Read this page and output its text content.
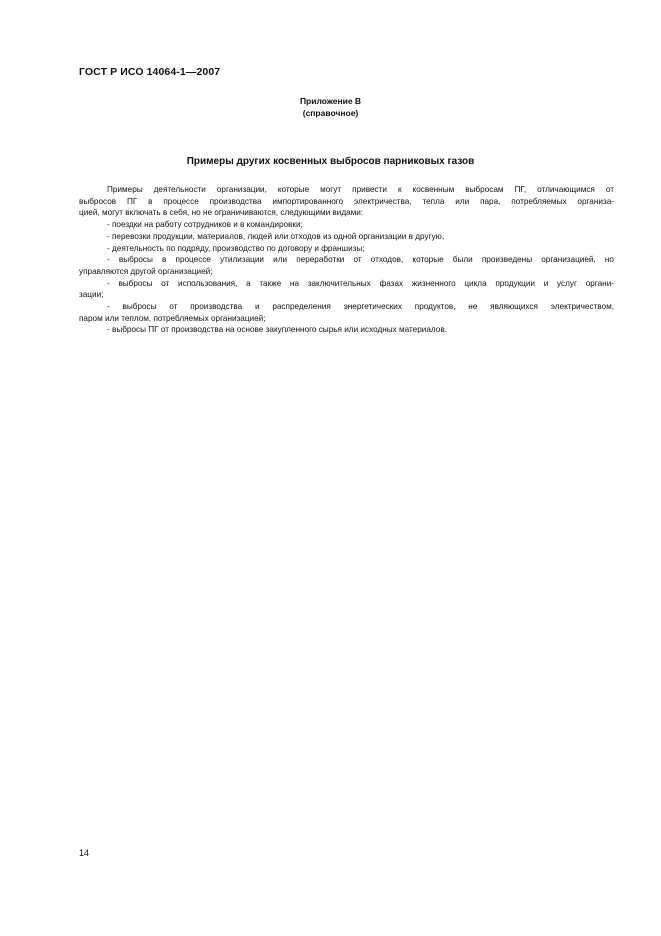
ГОСТ Р ИСО 14064-1—2007
Приложение В
(справочное)
Примеры других косвенных выбросов парниковых газов
Примеры деятельности организации, которые могут привести к косвенным выбросам ПГ, отличающимся от
выбросов ПГ в процессе производства импортированного электричества, тепла или пара, потребляемых организа-
цией, могут включать в себя, но не ограничиваются, следующими видами:
- поездки на работу сотрудников и в командировки;
- перевозки продукции, материалов, людей или отходов из одной организации в другую,
- деятельность по подряду, производство по договору и франшизы;
- выбросы в процессе утилизации или переработки от отходов, которые были произведены организацией, но
управляются другой организацией;
- выбросы от использования, а также на заключительных фазах жизненного цикла продукции и услуг органи-
зации;
- выбросы от производства и распределения энергетических продуктов, не являющихся электричеством,
паром или теплом, потребляемых организацией;
- выбросы ПГ от производства на основе закупленного сырья или исходных материалов.
14
